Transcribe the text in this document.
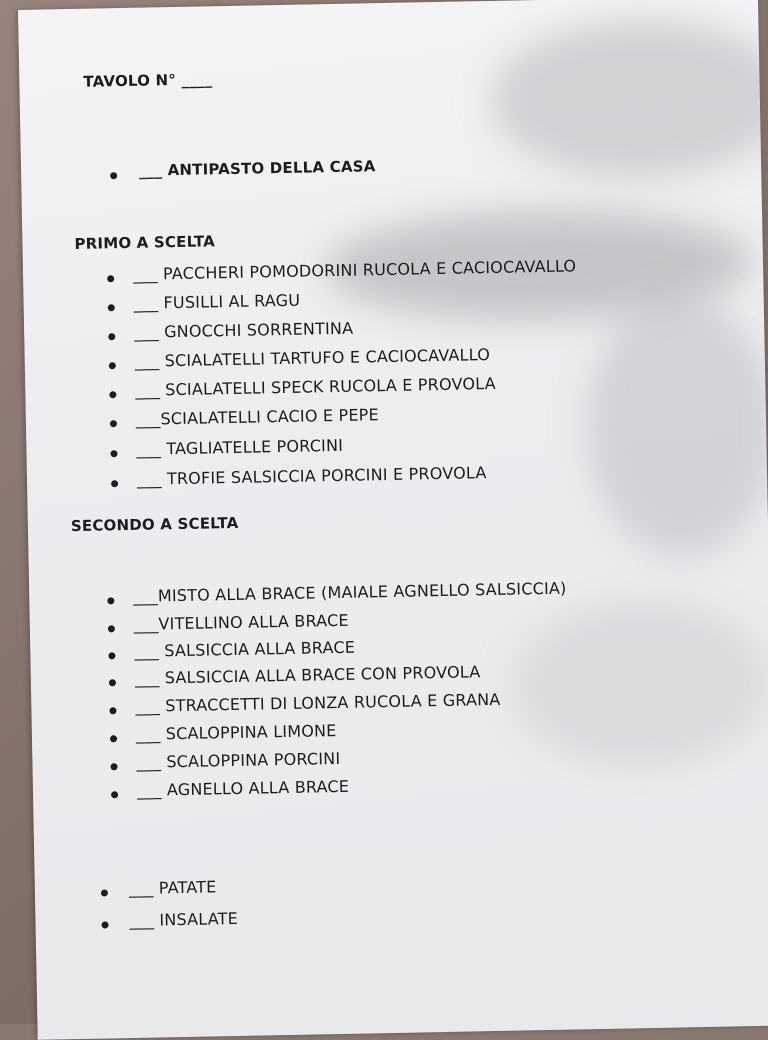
TAVOLO N° ____
___ ANTIPASTO DELLA CASA
PRIMO A SCELTA
___ PACCHERI POMODORINI RUCOLA E CACIOCAVALLO
___ FUSILLI AL RAGU
___ GNOCCHI SORRENTINA
___ SCIALATELLI TARTUFO E CACIOCAVALLO
___ SCIALATELLI SPECK RUCOLA E PROVOLA
___SCIALATELLI CACIO E PEPE
___ TAGLIATELLE PORCINI
___ TROFIE SALSICCIA PORCINI E PROVOLA
SECONDO A SCELTA
___MISTO ALLA BRACE (MAIALE AGNELLO SALSICCIA)
___VITELLINO ALLA BRACE
___ SALSICCIA ALLA BRACE
___ SALSICCIA ALLA BRACE CON PROVOLA
___ STRACCETTI DI LONZA RUCOLA E GRANA
___ SCALOPPINA LIMONE
___ SCALOPPINA PORCINI
___ AGNELLO ALLA BRACE
___ PATATE
___ INSALATE
